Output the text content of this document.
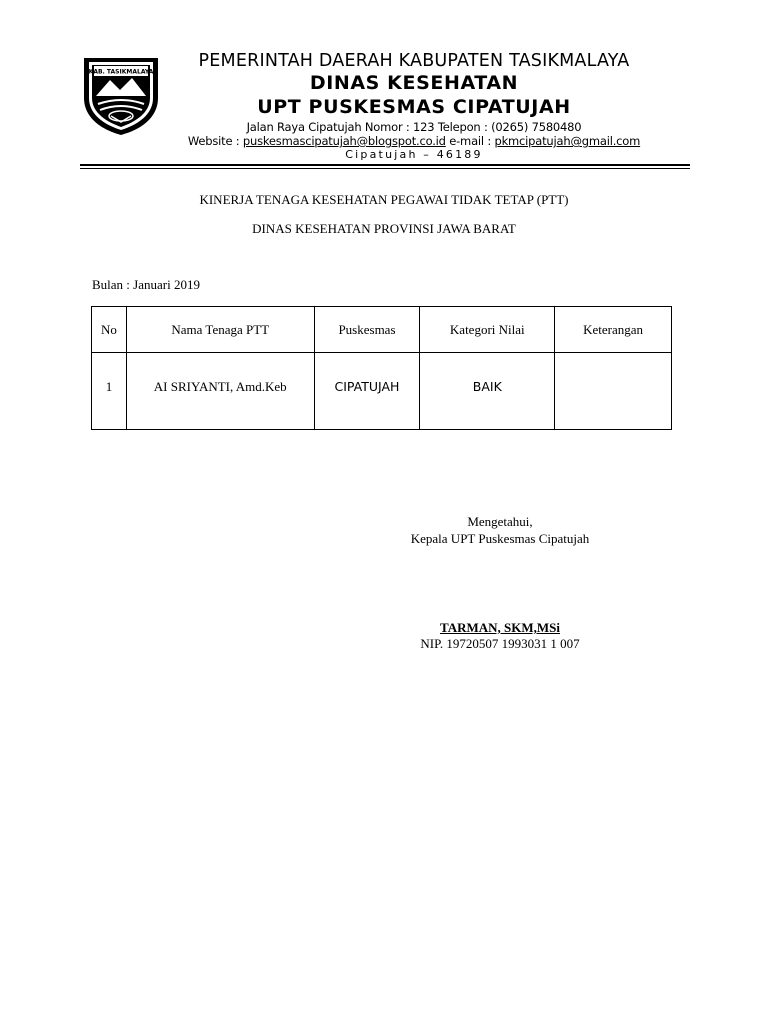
KAB. TASIKMALAYA
PEMERINTAH DAERAH KABUPATEN TASIKMALAYA
DINAS KESEHATAN
UPT PUSKESMAS CIPATUJAH
Jalan Raya Cipatujah Nomor : 123 Telepon : (0265) 7580480
Website : puskesmascipatujah@blogspot.co.id e-mail : pkmcipatujah@gmail.com
Cipatujah – 46189
KINERJA TENAGA KESEHATAN PEGAWAI TIDAK TETAP (PTT)
DINAS KESEHATAN PROVINSI JAWA BARAT
Bulan : Januari 2019
No	Nama Tenaga PTT	Puskesmas	Kategori Nilai	Keterangan
1	AI SRIYANTI, Amd.Keb	CIPATUJAH	BAIK	
Mengetahui,
Kepala UPT Puskesmas Cipatujah
TARMAN, SKM,MSi
NIP. 19720507 1993031 1 007
